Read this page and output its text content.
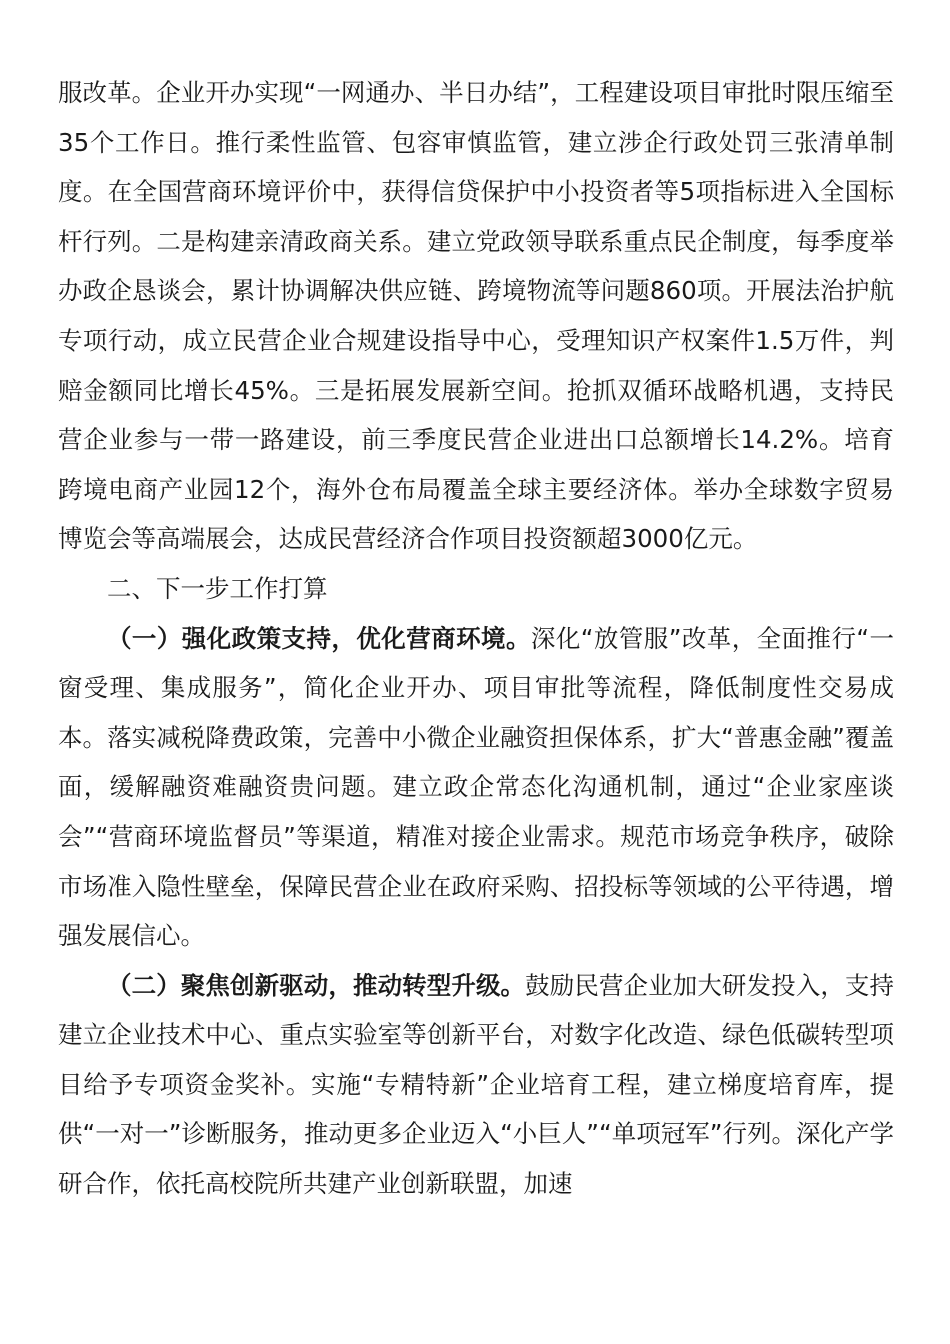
服改革。企业开办实现“一网通办、半日办结”，工程建设项目审批时限压缩至35个工作日。推行柔性监管、包容审慎监管，建立涉企行政处罚三张清单制度。在全国营商环境评价中，获得信贷保护中小投资者等5项指标进入全国标杆行列。二是构建亲清政商关系。建立党政领导联系重点民企制度，每季度举办政企恳谈会，累计协调解决供应链、跨境物流等问题860项。开展法治护航专项行动，成立民营企业合规建设指导中心，受理知识产权案件1.5万件，判赔金额同比增长45%。三是拓展发展新空间。抢抓双循环战略机遇，支持民营企业参与一带一路建设，前三季度民营企业进出口总额增长14.2%。培育跨境电商产业园12个，海外仓布局覆盖全球主要经济体。举办全球数字贸易博览会等高端展会，达成民营经济合作项目投资额超3000亿元。

二、下一步工作打算

（一）强化政策支持，优化营商环境。深化“放管服”改革，全面推行“一窗受理、集成服务”，简化企业开办、项目审批等流程，降低制度性交易成本。落实减税降费政策，完善中小微企业融资担保体系，扩大“普惠金融”覆盖面，缓解融资难融资贵问题。建立政企常态化沟通机制，通过“企业家座谈会”“营商环境监督员”等渠道，精准对接企业需求。规范市场竞争秩序，破除市场准入隐性壁垒，保障民营企业在政府采购、招投标等领域的公平待遇，增强发展信心。

（二）聚焦创新驱动，推动转型升级。鼓励民营企业加大研发投入，支持建立企业技术中心、重点实验室等创新平台，对数字化改造、绿色低碳转型项目给予专项资金奖补。实施“专精特新”企业培育工程，建立梯度培育库，提供“一对一”诊断服务，推动更多企业迈入“小巨人”“单项冠军”行列。深化产学研合作，依托高校院所共建产业创新联盟，加速
